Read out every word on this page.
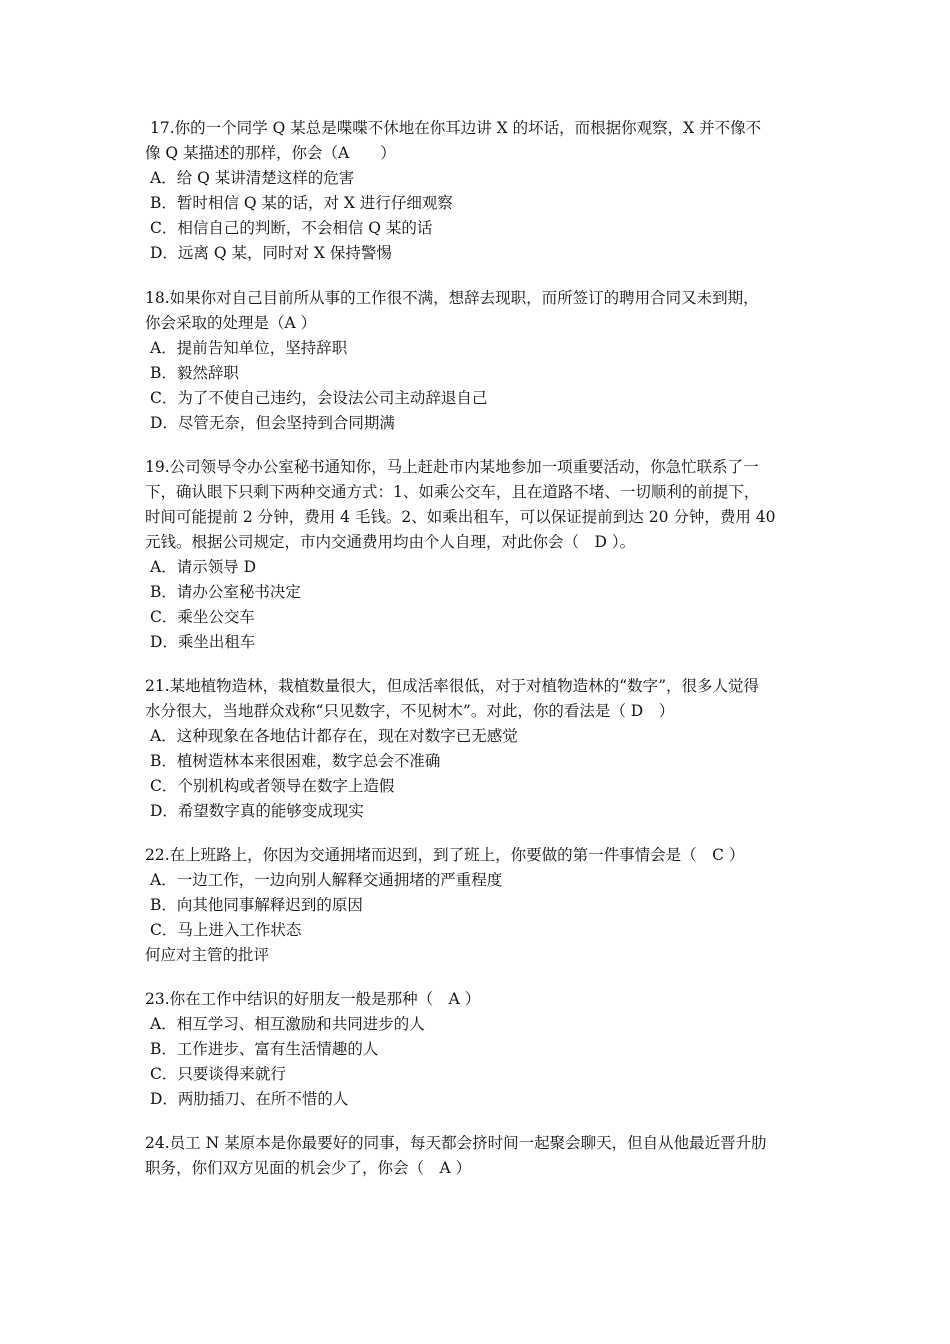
17.你的一个同学 Q 某总是喋喋不休地在你耳边讲 X 的坏话，而根据你观察，X 并不像不
像 Q 某描述的那样，你会（A　　）
A．给 Q 某讲清楚这样的危害
B．暂时相信 Q 某的话，对 X 进行仔细观察
C．相信自己的判断，不会相信 Q 某的话
D．远离 Q 某，同时对 X 保持警惕
18.如果你对自己目前所从事的工作很不满，想辞去现职，而所签订的聘用合同又未到期，
你会采取的处理是（A ）
A．提前告知单位，坚持辞职
B．毅然辞职
C．为了不使自己违约，会设法公司主动辞退自己
D．尽管无奈，但会坚持到合同期满
19.公司领导令办公室秘书通知你，马上赶赴市内某地参加一项重要活动，你急忙联系了一
下，确认眼下只剩下两种交通方式：1、如乘公交车，且在道路不堵、一切顺利的前提下，
时间可能提前 2 分钟，费用 4 毛钱。2、如乘出租车，可以保证提前到达 20 分钟，费用 40
元钱。根据公司规定，市内交通费用均由个人自理，对此你会（　D ）。
A．请示领导 D
B．请办公室秘书决定
C．乘坐公交车
D．乘坐出租车
21.某地植物造林，栽植数量很大，但成活率很低，对于对植物造林的“数字”，很多人觉得
水分很大，当地群众戏称“只见数字，不见树木”。对此，你的看法是（ D　）
A．这种现象在各地估计都存在，现在对数字已无感觉
B．植树造林本来很困难，数字总会不准确
C．个别机构或者领导在数字上造假
D．希望数字真的能够变成现实
22.在上班路上，你因为交通拥堵而迟到，到了班上，你要做的第一件事情会是（　C ）
A．一边工作，一边向别人解释交通拥堵的严重程度
B．向其他同事解释迟到的原因
C．马上进入工作状态
何应对主管的批评
23.你在工作中结识的好朋友一般是那种（　A ）
A．相互学习、相互激励和共同进步的人
B．工作进步、富有生活情趣的人
C．只要谈得来就行
D．两肋插刀、在所不惜的人
24.员工 N 某原本是你最要好的同事，每天都会挤时间一起聚会聊天，但自从他最近晋升肋
职务，你们双方见面的机会少了，你会（　A ）
